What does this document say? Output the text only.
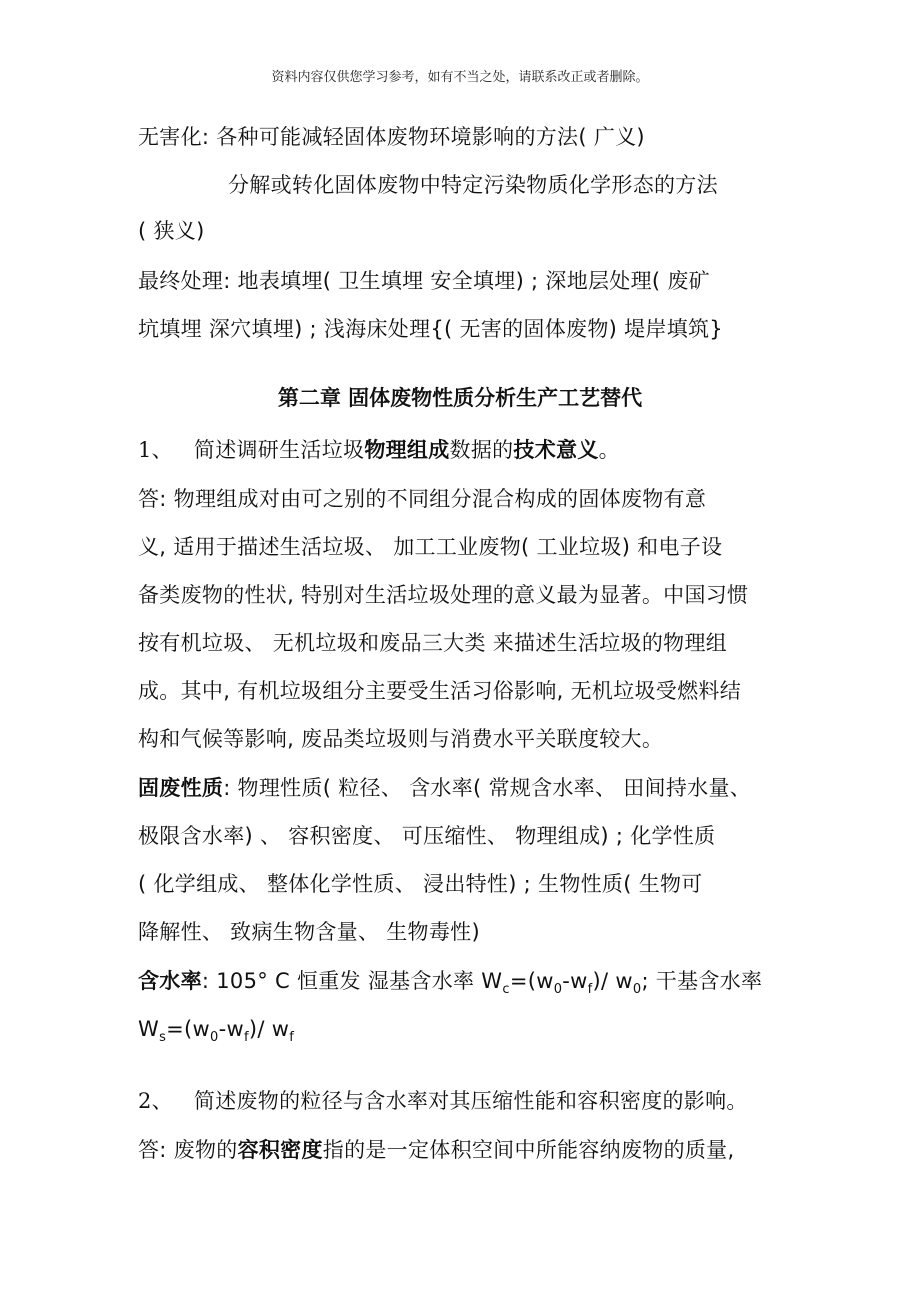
资料内容仅供您学习参考，如有不当之处，请联系改正或者删除。
无害化: 各种可能减轻固体废物环境影响的方法( 广义)
分解或转化固体废物中特定污染物质化学形态的方法
( 狭义)
最终处理: 地表填埋( 卫生填埋 安全填埋) ; 深地层处理( 废矿
坑填埋 深穴填埋) ; 浅海床处理{( 无害的固体废物) 堤岸填筑}
第二章 固体废物性质分析生产工艺替代
1、 简述调研生活垃圾物理组成数据的技术意义。
答: 物理组成对由可之别的不同组分混合构成的固体废物有意
义, 适用于描述生活垃圾、 加工工业废物( 工业垃圾) 和电子设
备类废物的性状, 特别对生活垃圾处理的意义最为显著。中国习惯
按有机垃圾、 无机垃圾和废品三大类 来描述生活垃圾的物理组
成。其中, 有机垃圾组分主要受生活习俗影响, 无机垃圾受燃料结
构和气候等影响, 废品类垃圾则与消费水平关联度较大。
固废性质: 物理性质( 粒径、 含水率( 常规含水率、 田间持水量、
极限含水率) 、 容积密度、 可压缩性、 物理组成) ; 化学性质
( 化学组成、 整体化学性质、 浸出特性) ; 生物性质( 生物可
降解性、 致病生物含量、 生物毒性)
含水率: 105° C 恒重发 湿基含水率 $W_c=(w_0-w_f)/$ $w_0$; 干基含水率
$W_s=(w_0-w_f)/$ $w_f$
2、 简述废物的粒径与含水率对其压缩性能和容积密度的影响。
答: 废物的容积密度指的是一定体积空间中所能容纳废物的质量,
